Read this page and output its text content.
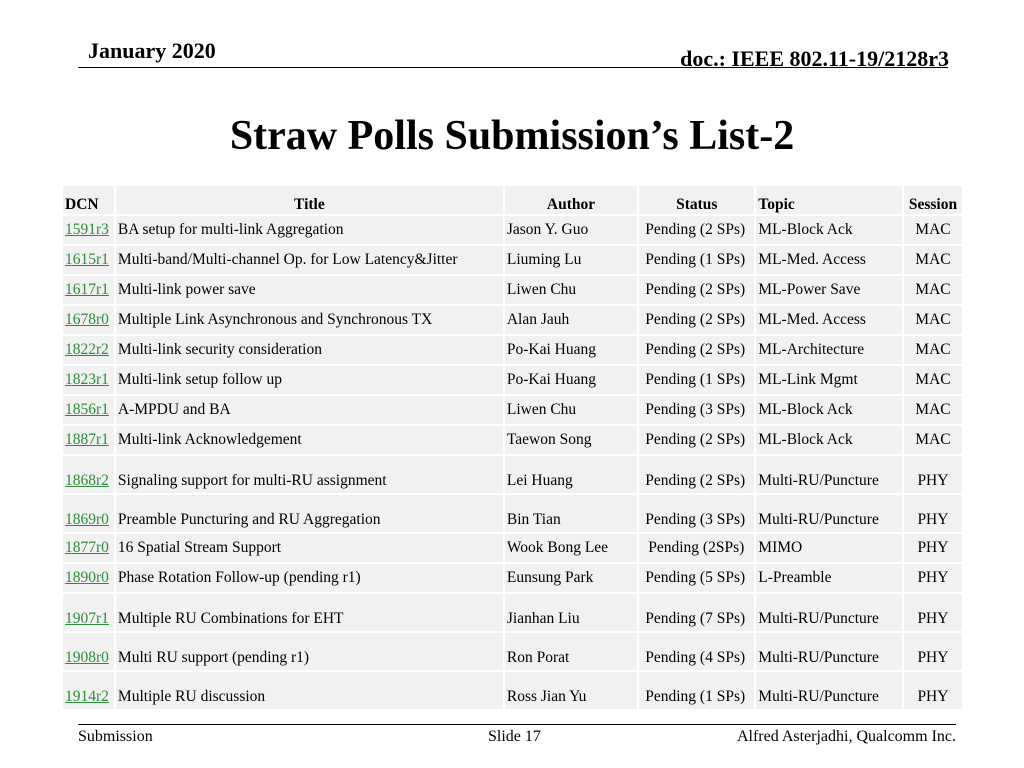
January 2020	doc.: IEEE 802.11-19/2128r3
Straw Polls Submission’s List-2
DCN	Title	Author	Status	Topic	Session
1591r3	BA setup for multi-link Aggregation	Jason Y. Guo	Pending (2 SPs)	ML-Block Ack	MAC
1615r1	Multi-band/Multi-channel Op. for Low Latency&Jitter	Liuming Lu	Pending (1 SPs)	ML-Med. Access	MAC
1617r1	Multi-link power save	Liwen Chu	Pending (2 SPs)	ML-Power Save	MAC
1678r0	Multiple Link Asynchronous and Synchronous TX	Alan Jauh	Pending (2 SPs)	ML-Med. Access	MAC
1822r2	Multi-link security consideration	Po-Kai Huang	Pending (2 SPs)	ML-Architecture	MAC
1823r1	Multi-link setup follow up	Po-Kai Huang	Pending (1 SPs)	ML-Link Mgmt	MAC
1856r1	A-MPDU and BA	Liwen Chu	Pending (3 SPs)	ML-Block Ack	MAC
1887r1	Multi-link Acknowledgement	Taewon Song	Pending (2 SPs)	ML-Block Ack	MAC
1868r2	Signaling support for multi-RU assignment	Lei Huang	Pending (2 SPs)	Multi-RU/Puncture	PHY
1869r0	Preamble Puncturing and RU Aggregation	Bin Tian	Pending (3 SPs)	Multi-RU/Puncture	PHY
1877r0	16 Spatial Stream Support	Wook Bong Lee	Pending (2SPs)	MIMO	PHY
1890r0	Phase Rotation Follow-up (pending r1)	Eunsung Park	Pending (5 SPs)	L-Preamble	PHY
1907r1	Multiple RU Combinations for EHT	Jianhan Liu	Pending (7 SPs)	Multi-RU/Puncture	PHY
1908r0	Multi RU support (pending r1)	Ron Porat	Pending (4 SPs)	Multi-RU/Puncture	PHY
1914r2	Multiple RU discussion	Ross Jian Yu	Pending (1 SPs)	Multi-RU/Puncture	PHY
Submission	Slide 17	Alfred Asterjadhi, Qualcomm Inc.
